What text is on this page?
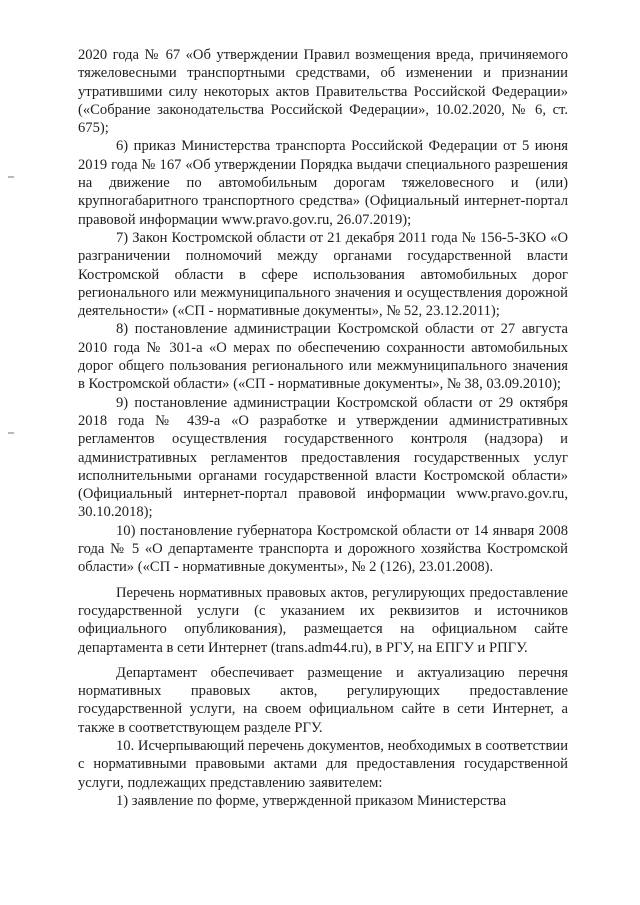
2020 года № 67 «Об утверждении Правил возмещения вреда, причиняемого тяжеловесными транспортными средствами, об изменении и признании утратившими силу некоторых актов Правительства Российской Федерации» («Собрание законодательства Российской Федерации», 10.02.2020, № 6, ст. 675);

6) приказ Министерства транспорта Российской Федерации от 5 июня 2019 года № 167 «Об утверждении Порядка выдачи специального разрешения на движение по автомобильным дорогам тяжеловесного и (или) крупногабаритного транспортного средства» (Официальный интернет-портал правовой информации www.pravo.gov.ru, 26.07.2019);

7) Закон Костромской области от 21 декабря 2011 года № 156-5-ЗКО «О разграничении полномочий между органами государственной власти Костромской области в сфере использования автомобильных дорог регионального или межмуниципального значения и осуществления дорожной деятельности» («СП - нормативные документы», № 52, 23.12.2011);

8) постановление администрации Костромской области от 27 августа 2010 года № 301-а «О мерах по обеспечению сохранности автомобильных дорог общего пользования регионального или межмуниципального значения в Костромской области» («СП - нормативные документы», № 38, 03.09.2010);

9) постановление администрации Костромской области от 29 октября 2018 года № 439-а «О разработке и утверждении административных регламентов осуществления государственного контроля (надзора) и административных регламентов предоставления государственных услуг исполнительными органами государственной власти Костромской области» (Официальный интернет-портал правовой информации www.pravo.gov.ru, 30.10.2018);

10) постановление губернатора Костромской области от 14 января 2008 года № 5 «О департаменте транспорта и дорожного хозяйства Костромской области» («СП - нормативные документы», № 2 (126), 23.01.2008).

Перечень нормативных правовых актов, регулирующих предоставление государственной услуги (с указанием их реквизитов и источников официального опубликования), размещается на официальном сайте департамента в сети Интернет (trans.adm44.ru), в РГУ, на ЕПГУ и РПГУ.

Департамент обеспечивает размещение и актуализацию перечня нормативных правовых актов, регулирующих предоставление государственной услуги, на своем официальном сайте в сети Интернет, а также в соответствующем разделе РГУ.

10. Исчерпывающий перечень документов, необходимых в соответствии с нормативными правовыми актами для предоставления государственной услуги, подлежащих представлению заявителем:

1) заявление по форме, утвержденной приказом Министерства
